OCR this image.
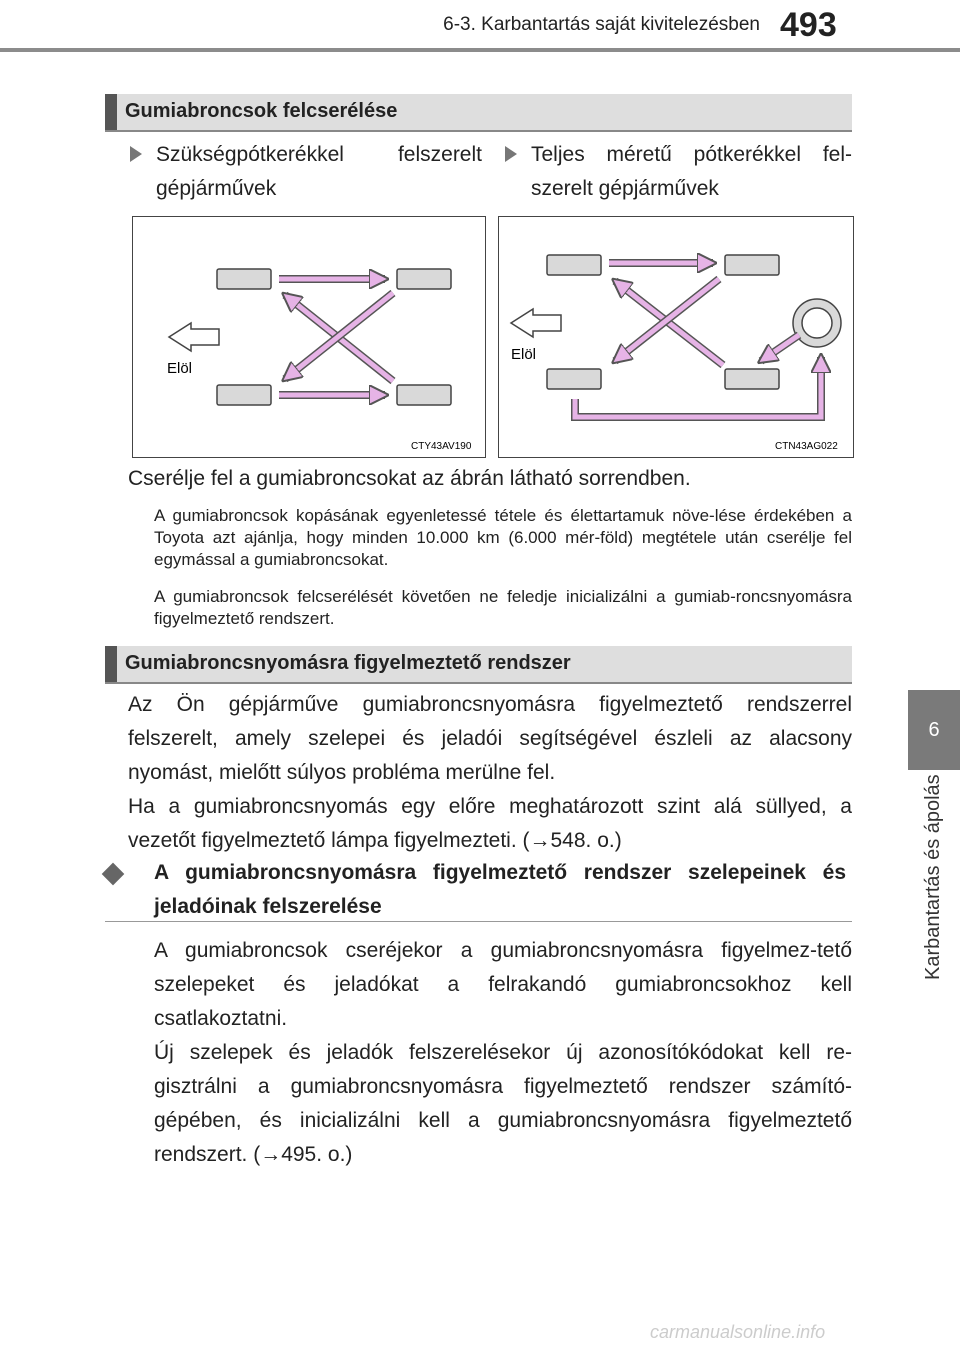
6-3. Karbantartás saját kivitelezésben 493
6
Karbantartás és ápolás
Gumiabroncsok felcserélése
Szükségpótkerékkel felszerelt gépjárművek
Teljes méretű pótkerékkel fel-szerelt gépjárművek
Elöl
CTY43AV190
Elöl
CTN43AG022
Cserélje fel a gumiabroncsokat az ábrán látható sorrendben.
A gumiabroncsok kopásának egyenletessé tétele és élettartamuk növe-lése érdekében a Toyota azt ajánlja, hogy minden 10.000 km (6.000 mér-föld) megtétele után cserélje fel egymással a gumiabroncsokat.
A gumiabroncsok felcserélését követően ne feledje inicializálni a gumiab-roncsnyomásra figyelmeztető rendszert.
Gumiabroncsnyomásra figyelmeztető rendszer
Az Ön gépjárműve gumiabroncsnyomásra figyelmeztető rendszerrel felszerelt, amely szelepei és jeladói segítségével észleli az alacsony nyomást, mielőtt súlyos probléma merülne fel.
Ha a gumiabroncsnyomás egy előre meghatározott szint alá süllyed, a vezetőt figyelmeztető lámpa figyelmezteti. (→548. o.)
A gumiabroncsnyomásra figyelmeztető rendszer szelepeinek és jeladóinak felszerelése
A gumiabroncsok cseréjekor a gumiabroncsnyomásra figyelmez-tető szelepeket és jeladókat a felrakandó gumiabroncsokhoz kell csatlakoztatni.
Új szelepek és jeladók felszerelésekor új azonosítókódokat kell re-gisztrálni a gumiabroncsnyomásra figyelmeztető rendszer számító-gépében, és inicializálni kell a gumiabroncsnyomásra figyelmeztető rendszert. (→495. o.)
carmanualsonline.info
